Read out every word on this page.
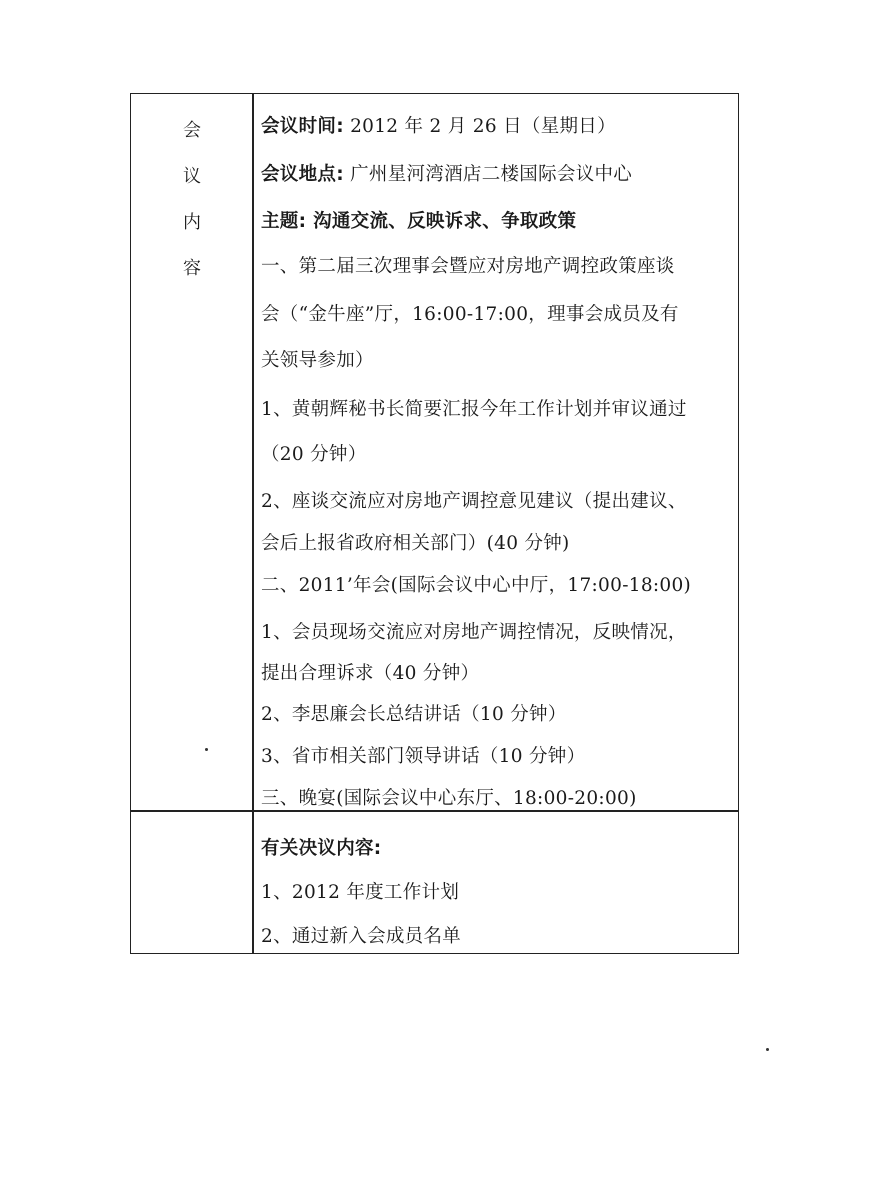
会
议
内
容
会议时间: 2012 年 2 月 26 日（星期日）
会议地点: 广州星河湾酒店二楼国际会议中心
主题: 沟通交流、反映诉求、争取政策
一、第二届三次理事会暨应对房地产调控政策座谈
会（“金牛座”厅，16:00-17:00，理事会成员及有
关领导参加）
1、黄朝辉秘书长简要汇报今年工作计划并审议通过
（20 分钟）
2、座谈交流应对房地产调控意见建议（提出建议、
会后上报省政府相关部门）(40 分钟)
二、2011’年会(国际会议中心中厅，17:00-18:00)
1、会员现场交流应对房地产调控情况，反映情况，
提出合理诉求（40 分钟）
2、李思廉会长总结讲话（10 分钟）
3、省市相关部门领导讲话（10 分钟）
三、晚宴(国际会议中心东厅、18:00-20:00)
有关决议内容:
1、2012 年度工作计划
2、通过新入会成员名单
